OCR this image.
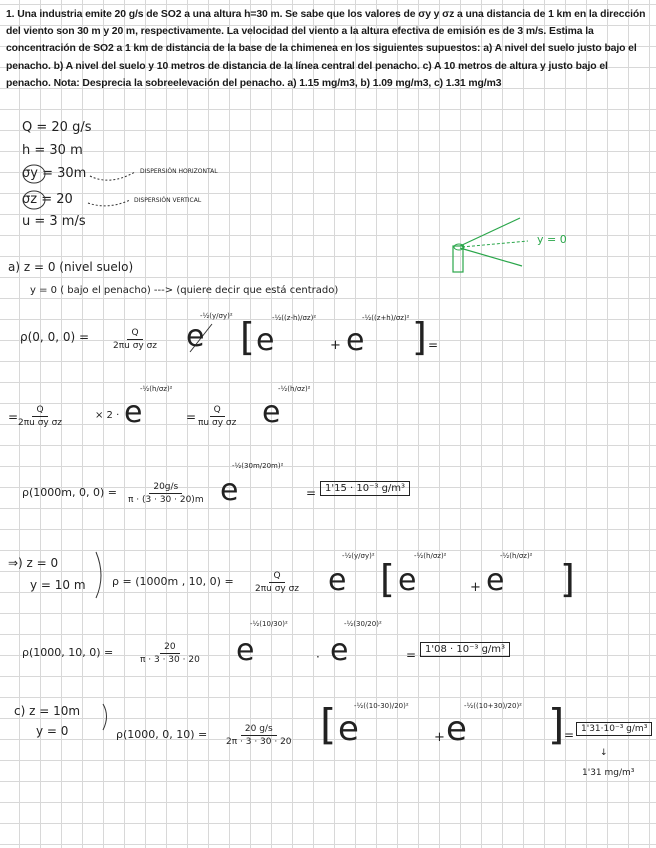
1. Una industria emite 20 g/s de SO2 a una altura h=30 m. Se sabe que los valores de σy y σz a una distancia de 1 km en la dirección del viento son 30 m y 20 m, respectivamente. La velocidad del viento a la altura efectiva de emisión es de 3 m/s. Estima la concentración de SO2 a 1 km de distancia de la base de la chimenea en los siguientes supuestos: a) A nivel del suelo justo bajo el penacho. b) A nivel del suelo y 10 metros de distancia de la línea central del penacho. c) A 10 metros de altura y justo bajo el penacho. Nota: Desprecia la sobreelevación del penacho. a) 1.15 mg/m3, b) 1.09 mg/m3, c) 1.31 mg/m3

Q = 20 g/s
h = 30 m
σy = 30m	DISPERSIÓN HORIZONTAL
σz = 20	DISPERSIÓN VERTICAL
u = 3 m/s
y = 0
a) z = 0 (nivel suelo)
y = 0 ( bajo el penacho) ---> (quiere decir que está centrado)
ρ(0, 0, 0) =	$\frac{Q}{\text{2πu σy σz}}$ e
-½(y/σy)² [ e
-½((z-h)/σz)²
+ e
-½((z+h)/σz)² ] =
= $\frac{Q}{\text{2πu σy σz}}$	× 2 · e
-½(h/σz)²
= $\frac{Q}{\text{πu σy σz}}$ e
-½(h/σz)²
ρ(1000m, 0, $0) = \frac{20g/s}{\pi \cdot (3 \cdot 30 \cdot 20)m}$ e
-½(30m/20m)²
= 1'15 · 10⁻³ g/m³
⇒) z = 0
y = 10 m ρ = (1000m , 10, $0) = \frac{Q}{\text{2πu σy σz}}$ e
-½(y/σy)²
[ e
-½(h/σz)²
+ e
-½(h/σz)²
]
ρ(1000, 10, 0) =	$\frac{20}{\pi \cdot 3 \cdot 30 \cdot 20}$ e
-½(10/30)²
· e
-½(30/20)²
= 1'08 · 10⁻³ g/m³
c) z = 10m
y = 0	ρ(1000, 0, $10) = \frac{20 g/s}{2\pi \cdot 3 \cdot 30 \cdot 20}$ [ e
-½((10-30)/20)²
+ e
-½((10+30)/20)² ] = 1'31·10⁻³ g/m³
↓
1'31 mg/m³
